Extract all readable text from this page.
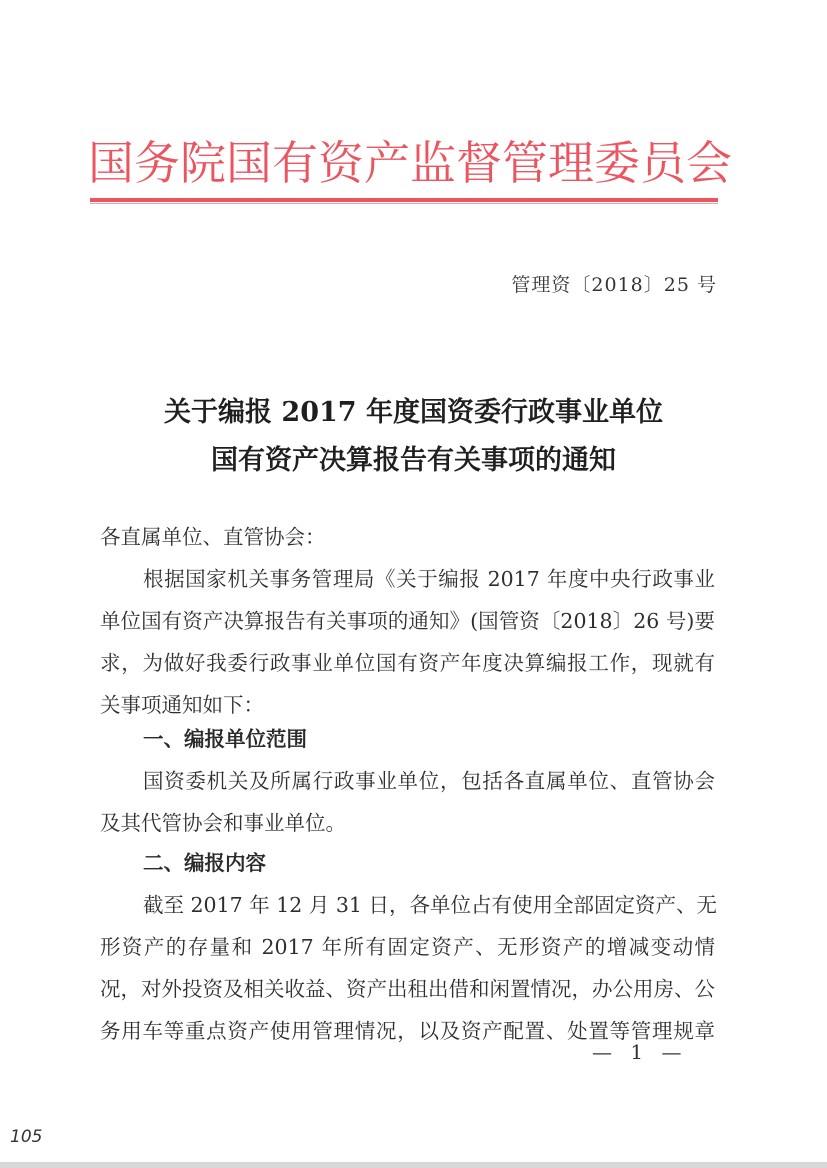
国务院国有资产监督管理委员会
管理资〔2018〕25 号
关于编报 2017 年度国资委行政事业单位
国有资产决算报告有关事项的通知
各直属单位、直管协会：
根据国家机关事务管理局《关于编报 2017 年度中央行政事业
单位国有资产决算报告有关事项的通知》(国管资〔2018〕26 号)要
求，为做好我委行政事业单位国有资产年度决算编报工作，现就有
关事项通知如下：
一、编报单位范围
国资委机关及所属行政事业单位，包括各直属单位、直管协会
及其代管协会和事业单位。
二、编报内容
截至 2017 年 12 月 31 日，各单位占有使用全部固定资产、无
形资产的存量和 2017 年所有固定资产、无形资产的增减变动情
况，对外投资及相关收益、资产出租出借和闲置情况，办公用房、公
务用车等重点资产使用管理情况，以及资产配置、处置等管理规章
— 1 —
105
